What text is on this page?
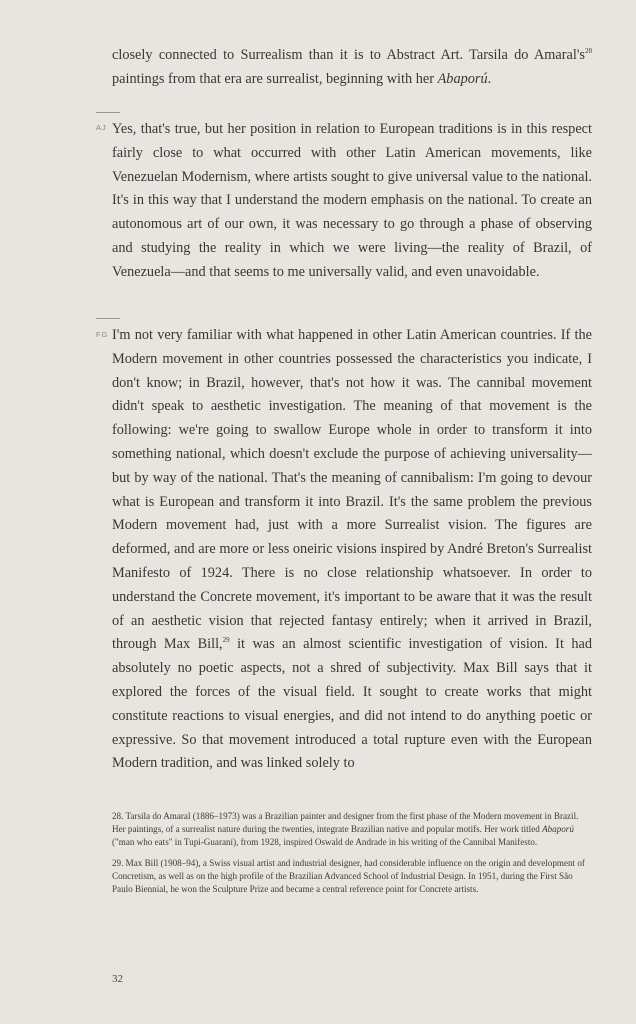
closely connected to Surrealism than it is to Abstract Art. Tarsila do $Amaral's^{28}$ paintings from that era are surrealist, beginning with her Abaporú.

AJ Yes, that's true, but her position in relation to European traditions is in this respect fairly close to what occurred with other Latin American movements, like Venezuelan Modernism, where artists sought to give universal value to the national. It's in this way that I understand the modern emphasis on the national. To create an autonomous art of our own, it was necessary to go through a phase of observing and studying the reality in which we were living—the reality of Brazil, of Venezuela—and that seems to me universally valid, and even unavoidable.

FG I'm not very familiar with what happened in other Latin American countries. If the Modern movement in other countries possessed the characteristics you indicate, I don't know; in Brazil, however, that's not how it was. The cannibal movement didn't speak to aesthetic investigation. The meaning of that movement is the following: we're going to swallow Europe whole in order to transform it into something national, which doesn't exclude the purpose of achieving universality—but by way of the national. That's the meaning of cannibalism: I'm going to devour what is European and transform it into Brazil. It's the same problem the previous Modern movement had, just with a more Surrealist vision. The figures are deformed, and are more or less oneiric visions inspired by André Breton's Surrealist Manifesto of 1924. There is no close relationship whatsoever. In order to understand the Concrete movement, it's important to be aware that it was the result of an aesthetic vision that rejected fantasy entirely; when it arrived in Brazil, through Max Bill,$^{29}$ it was an almost scientific investigation of vision. It had absolutely no poetic aspects, not a shred of subjectivity. Max Bill says that it explored the forces of the visual field. It sought to create works that might constitute reactions to visual energies, and did not intend to do anything poetic or expressive. So that movement introduced a total rupture even with the European Modern tradition, and was linked solely to

28. Tarsila do Amaral (1886–1973) was a Brazilian painter and designer from the first phase of the Modern movement in Brazil. Her paintings, of a surrealist nature during the twenties, integrate Brazilian native and popular motifs. Her work titled Abaporú ("man who eats" in Tupi-Guaraní), from 1928, inspired Oswald de Andrade in his writing of the Cannibal Manifesto.

29. Max Bill (1908–94), a Swiss visual artist and industrial designer, had considerable influence on the origin and development of Concretism, as well as on the high profile of the Brazilian Advanced School of Industrial Design. In 1951, during the First São Paulo Biennial, he won the Sculpture Prize and became a central reference point for Concrete artists.

32
